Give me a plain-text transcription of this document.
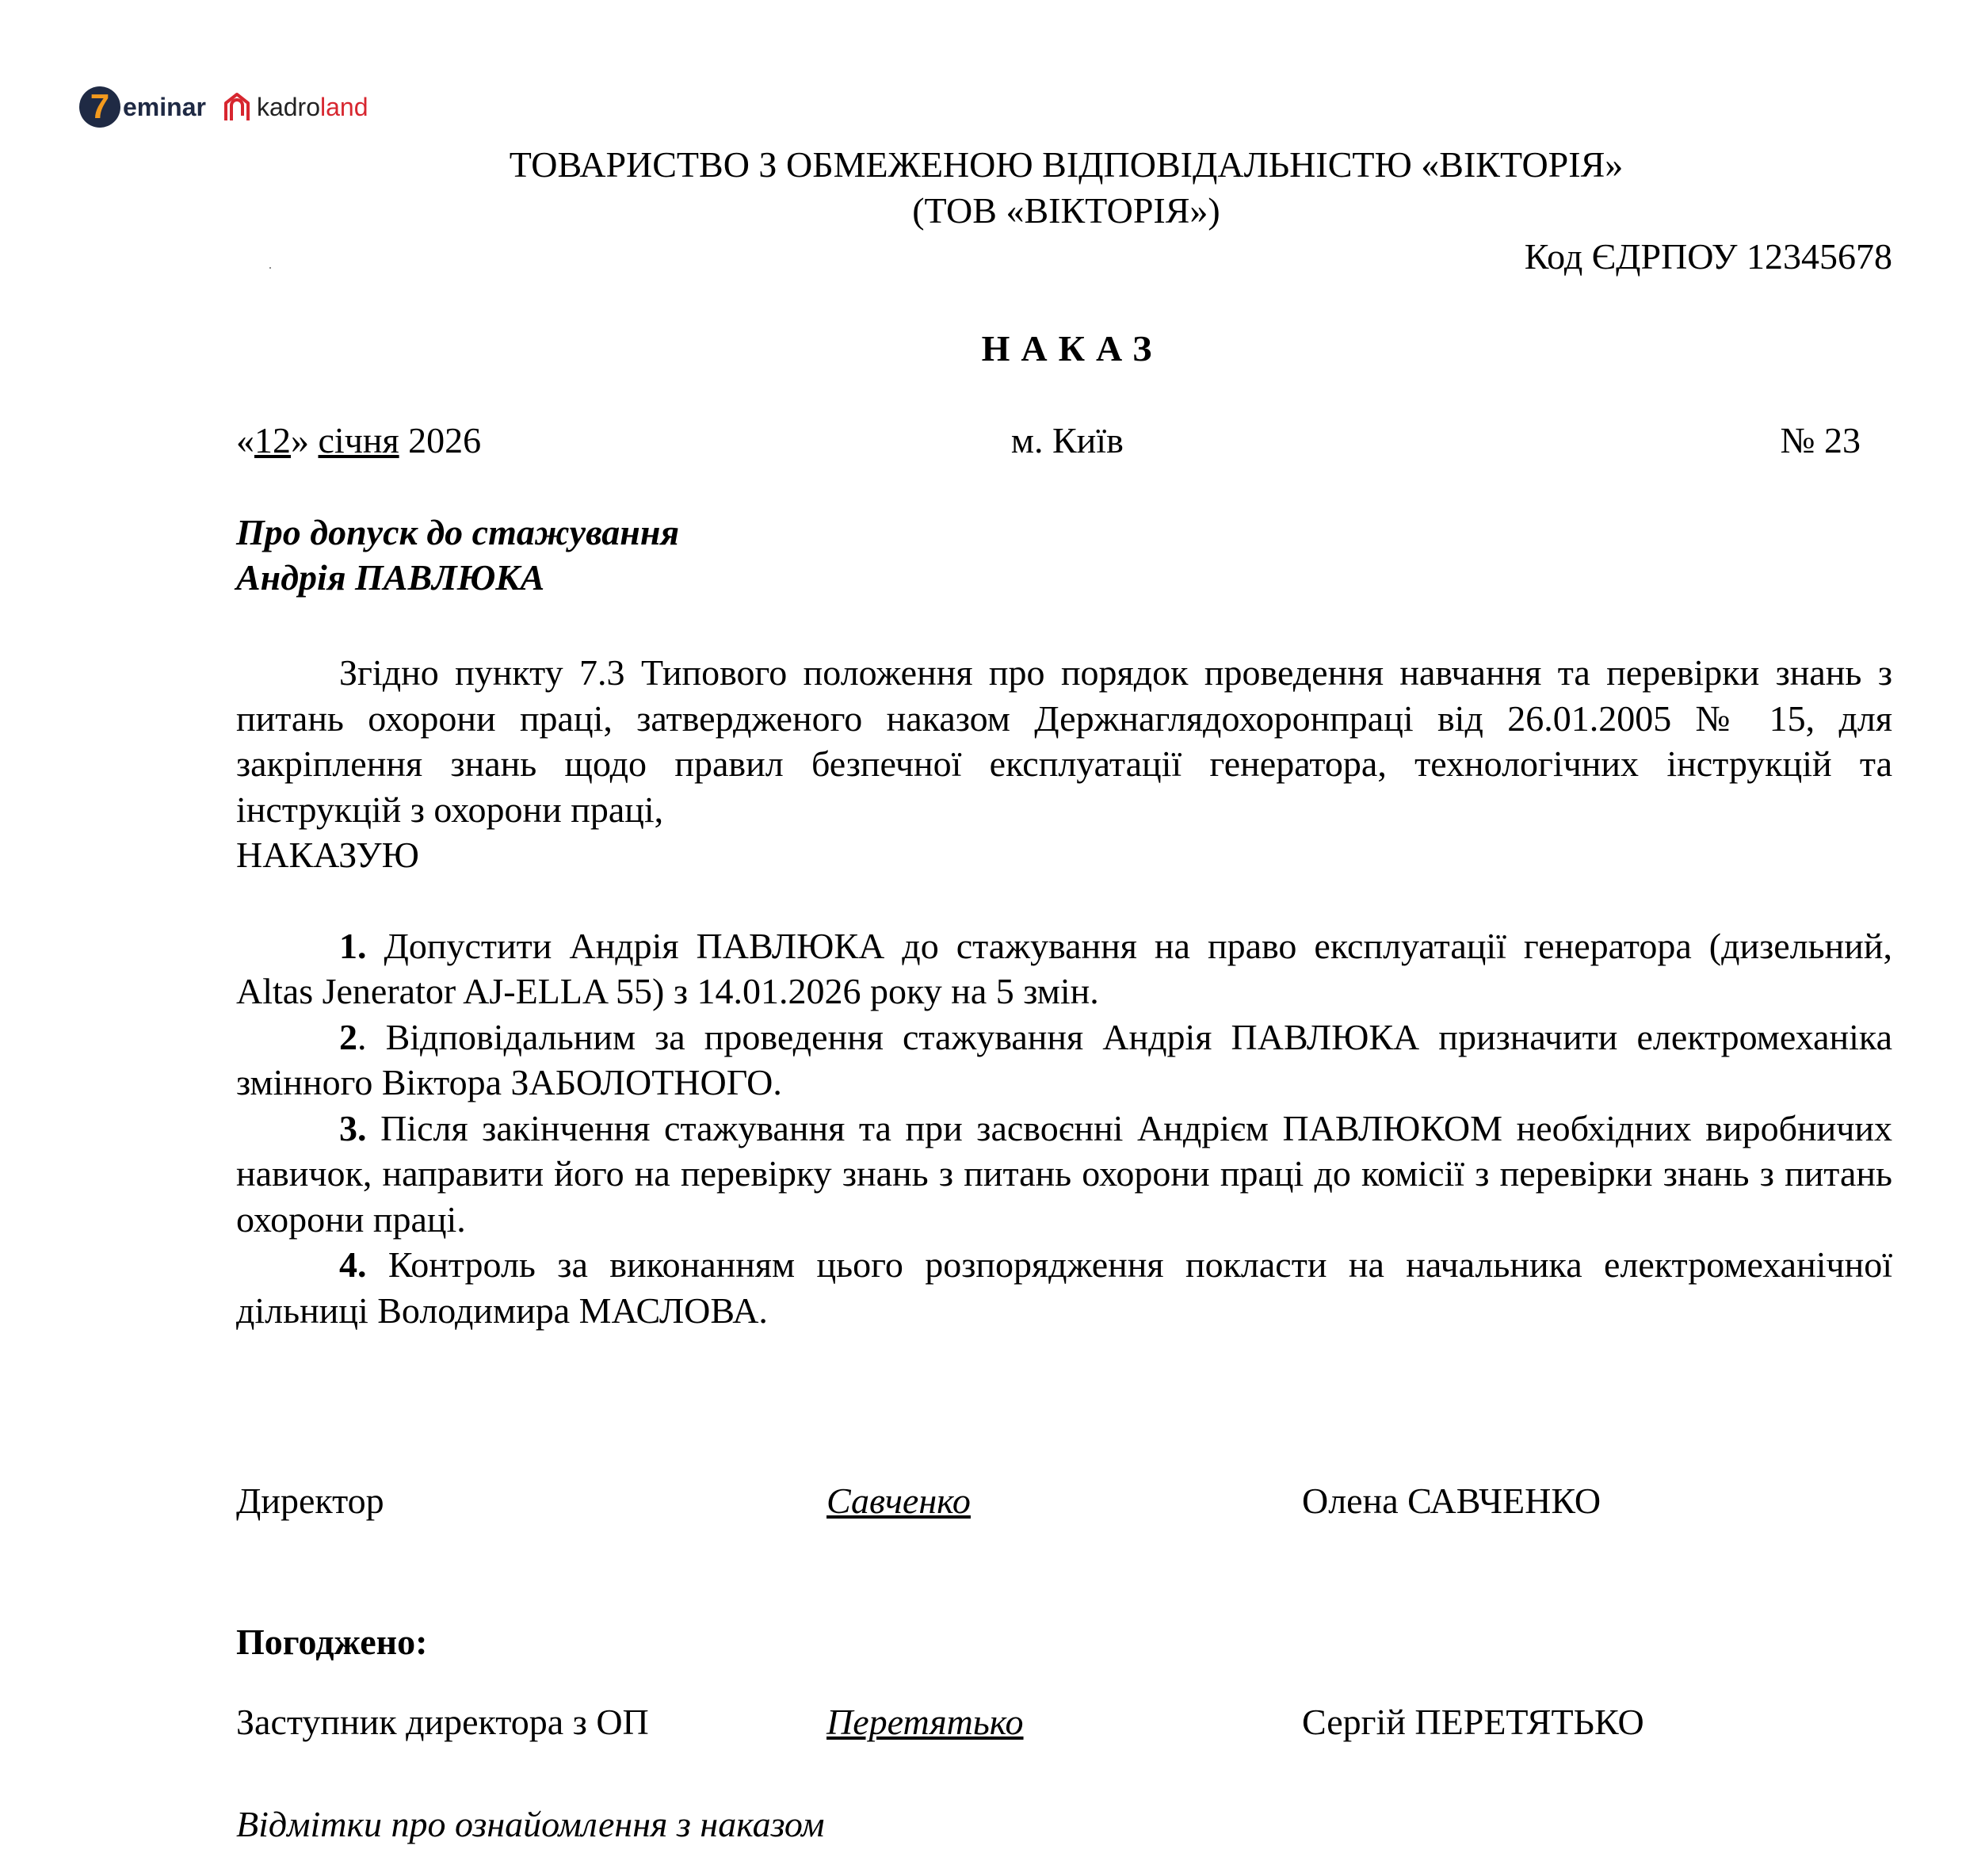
7 eminar kadro land
ТОВАРИСТВО З ОБМЕЖЕНОЮ ВІДПОВІДАЛЬНІСТЮ «ВІКТОРІЯ»
(ТОВ «ВІКТОРІЯ»)
Код ЄДРПОУ 12345678
НАКАЗ
«12» січня 2026	м. Київ	№ 23
Про допуск до стажування
Андрія ПАВЛЮКА

Згідно пункту 7.3 Типового положення про порядок проведення навчання та перевірки знань з питань охорони праці, затвердженого наказом Держнаглядохоронпраці від 26.01.2005 № 15, для закріплення знань щодо правил безпечної експлуатації генератора, технологічних інструкцій та інструкцій з охорони праці,

НАКАЗУЮ

1. Допустити Андрія ПАВЛЮКА до стажування на право експлуатації генератора (дизельний, Altas Jenerator AJ-ELLA 55) з 14.01.2026 року на 5 змін.

2. Відповідальним за проведення стажування Андрія ПАВЛЮКА призначити електромеханіка змінного Віктора ЗАБОЛОТНОГО.

3. Після закінчення стажування та при засвоєнні Андрієм ПАВЛЮКОМ необхідних виробничих навичок, направити його на перевірку знань з питань охорони праці до комісії з перевірки знань з питань охорони праці.

4. Контроль за виконанням цього розпорядження покласти на начальника електромеханічної дільниці Володимира МАСЛОВА.

Директор	Савченко	Олена САВЧЕНКО
Погоджено:
Заступник директора з ОП	Перетятько	Сергій ПЕРЕТЯТЬКО
Відмітки про ознайомлення з наказом
